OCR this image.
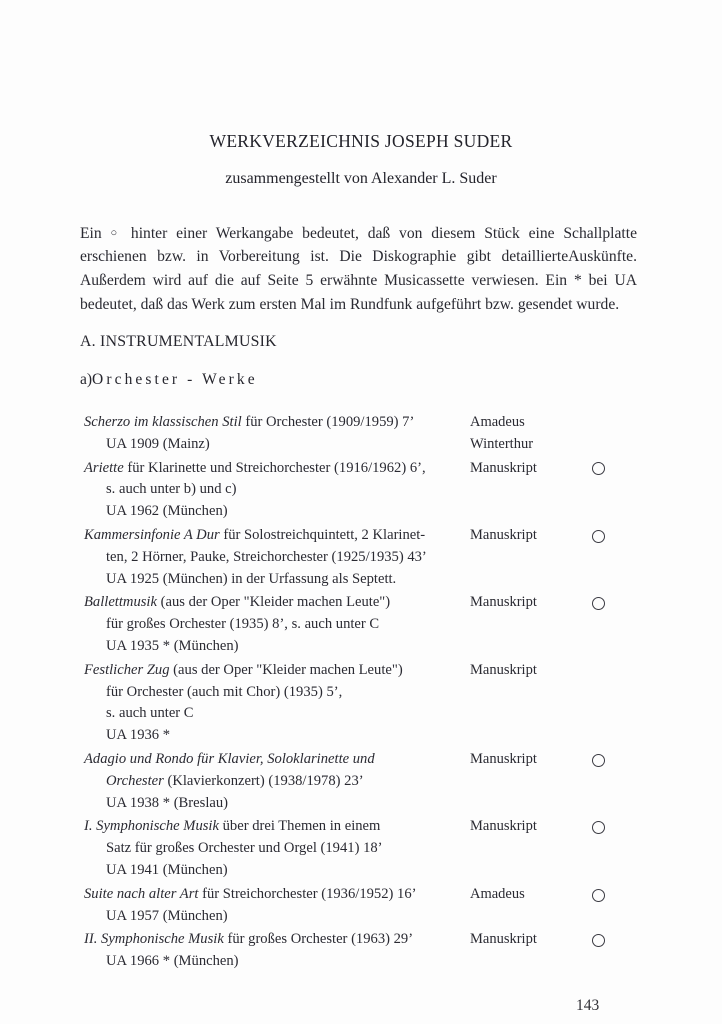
WERKVERZEICHNIS JOSEPH SUDER
zusammengestellt von Alexander L. Suder

Ein ○ hinter einer Werkangabe bedeutet, daß von diesem Stück eine Schallplatte erschienen bzw. in Vorbereitung ist. Die Diskographie gibt detaillierteAuskünfte. Außerdem wird auf die auf Seite 5 erwähnte Musicassette verwiesen. Ein * bei UA bedeutet, daß das Werk zum ersten Mal im Rundfunk aufgeführt bzw. gesendet wurde.

A. INSTRUMENTALMUSIK
a)Orchester - Werke
Scherzo im klassischen Stil für Orchester (1909/1959) 7’
UA 1909 (Mainz)
Amadeus
Winterthur
Ariette für Klarinette und Streichorchester (1916/1962) 6’,
s. auch unter b) und c)
UA 1962 (München)
Manuskript
Kammersinfonie A Dur für Solostreichquintett, 2 Klarinet-
ten, 2 Hörner, Pauke, Streichorchester (1925/1935) 43’
UA 1925 (München) in der Urfassung als Septett.
Manuskript
Ballettmusik (aus der Oper "Kleider machen Leute")
für großes Orchester (1935) 8’, s. auch unter C
UA 1935 * (München)
Manuskript
Festlicher Zug (aus der Oper "Kleider machen Leute")
für Orchester (auch mit Chor) (1935) 5’,
s. auch unter C
UA 1936 *
Manuskript
Adagio und Rondo für Klavier, Soloklarinette und
Orchester (Klavierkonzert) (1938/1978) 23’
UA 1938 * (Breslau)
Manuskript
I. Symphonische Musik über drei Themen in einem
Satz für großes Orchester und Orgel (1941) 18’
UA 1941 (München)
Manuskript
Suite nach alter Art für Streichorchester (1936/1952) 16’
UA 1957 (München)
Amadeus
II. Symphonische Musik für großes Orchester (1963) 29’
UA 1966 * (München)
Manuskript
143
